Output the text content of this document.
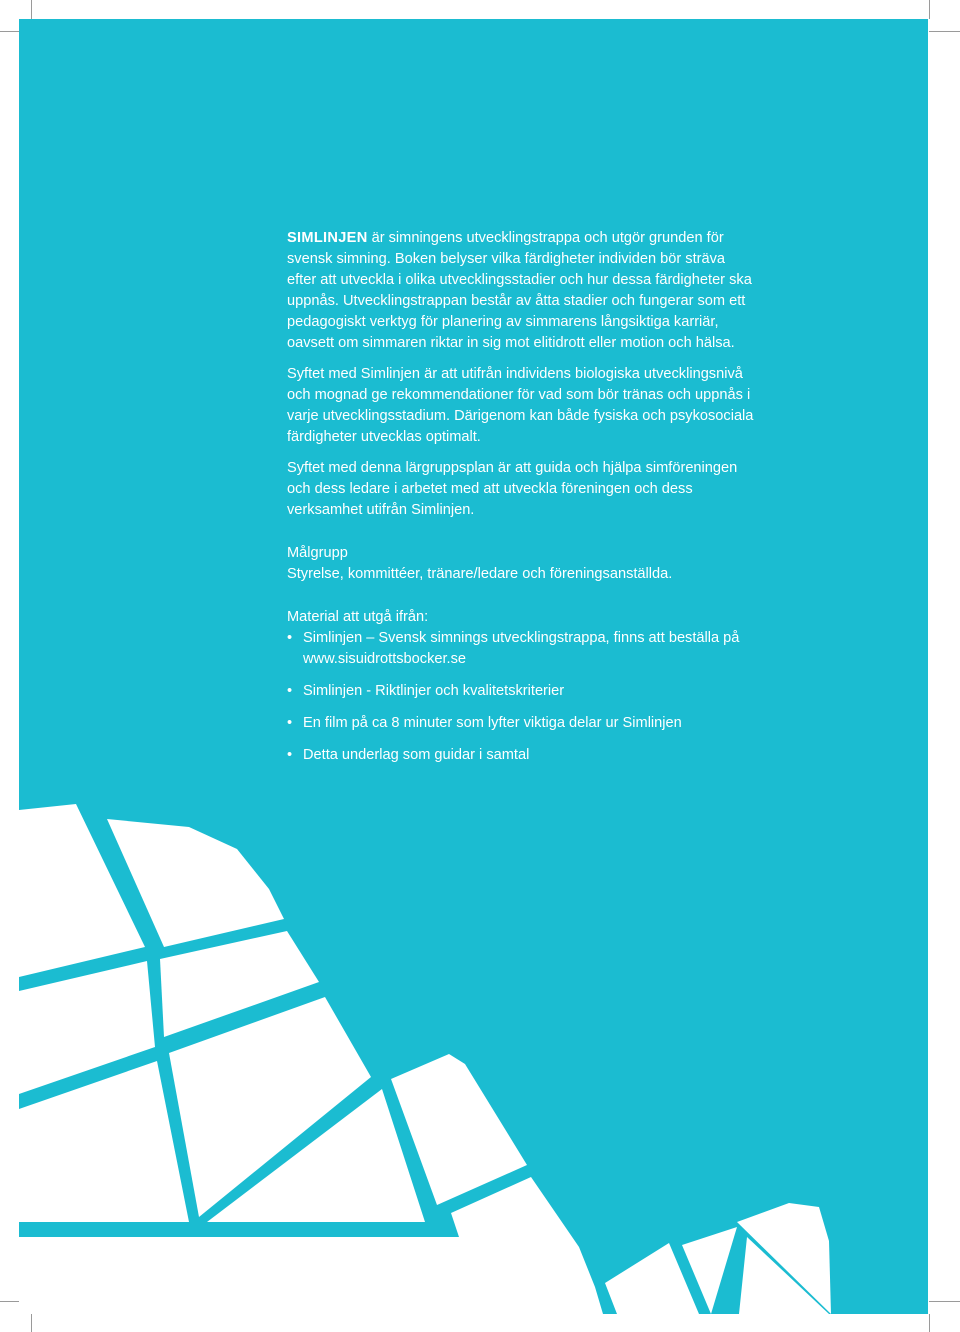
SIMLINJEN är simningens utvecklingstrappa och utgör grunden för svensk simning. Boken belyser vilka färdigheter individen bör sträva efter att utveckla i olika utvecklingsstadier och hur dessa färdigheter ska uppnås. Utvecklingstrappan består av åtta stadier och fungerar som ett pedagogiskt verktyg för planering av simmarens långsiktiga karriär, oavsett om simmaren riktar in sig mot elitidrott eller motion och hälsa.

Syftet med Simlinjen är att utifrån individens biologiska utvecklingsnivå och mognad ge rekommendationer för vad som bör tränas och uppnås i varje utvecklingsstadium. Därigenom kan både fysiska och psykosociala färdigheter utvecklas optimalt.

Syftet med denna lärgruppsplan är att guida och hjälpa simföreningen och dess ledare i arbetet med att utveckla föreningen och dess verksamhet utifrån Simlinjen.

Målgrupp
Styrelse, kommittéer, tränare/ledare och föreningsanställda.
Material att utgå ifrån:
• Simlinjen – Svensk simnings utvecklingstrappa, finns att beställa på www.sisuidrottsbocker.se
• Simlinjen - Riktlinjer och kvalitetskriterier
• En film på ca 8 minuter som lyfter viktiga delar ur Simlinjen
• Detta underlag som guidar i samtal
